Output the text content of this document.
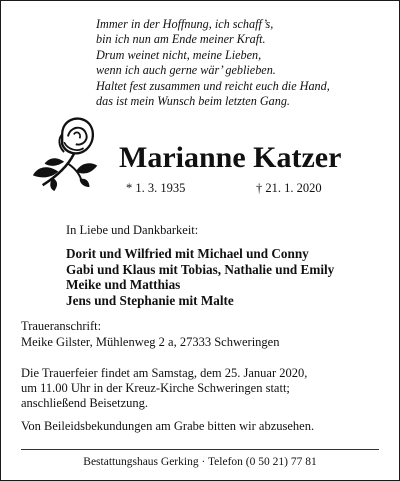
Immer in der Hoffnung, ich schaff’s,
bin ich nun am Ende meiner Kraft.
Drum weinet nicht, meine Lieben,
wenn ich auch gerne wär’ geblieben.
Haltet fest zusammen und reicht euch die Hand,
das ist mein Wunsch beim letzten Gang.
Marianne Katzer
* 1. 3. 1935	† 21. 1. 2020
In Liebe und Dankbarkeit:
Dorit und Wilfried mit Michael und Conny
Gabi und Klaus mit Tobias, Nathalie und Emily
Meike und Matthias
Jens und Stephanie mit Malte
Traueranschrift:
Meike Gilster, Mühlenweg 2 a, 27333 Schweringen
Die Trauerfeier findet am Samstag, dem 25. Januar 2020,
um 11.00 Uhr in der Kreuz-Kirche Schweringen statt;
anschließend Beisetzung.
Von Beileidsbekundungen am Grabe bitten wir abzusehen.
Bestattungshaus Gerking · Telefon (0 50 21) 77 81
